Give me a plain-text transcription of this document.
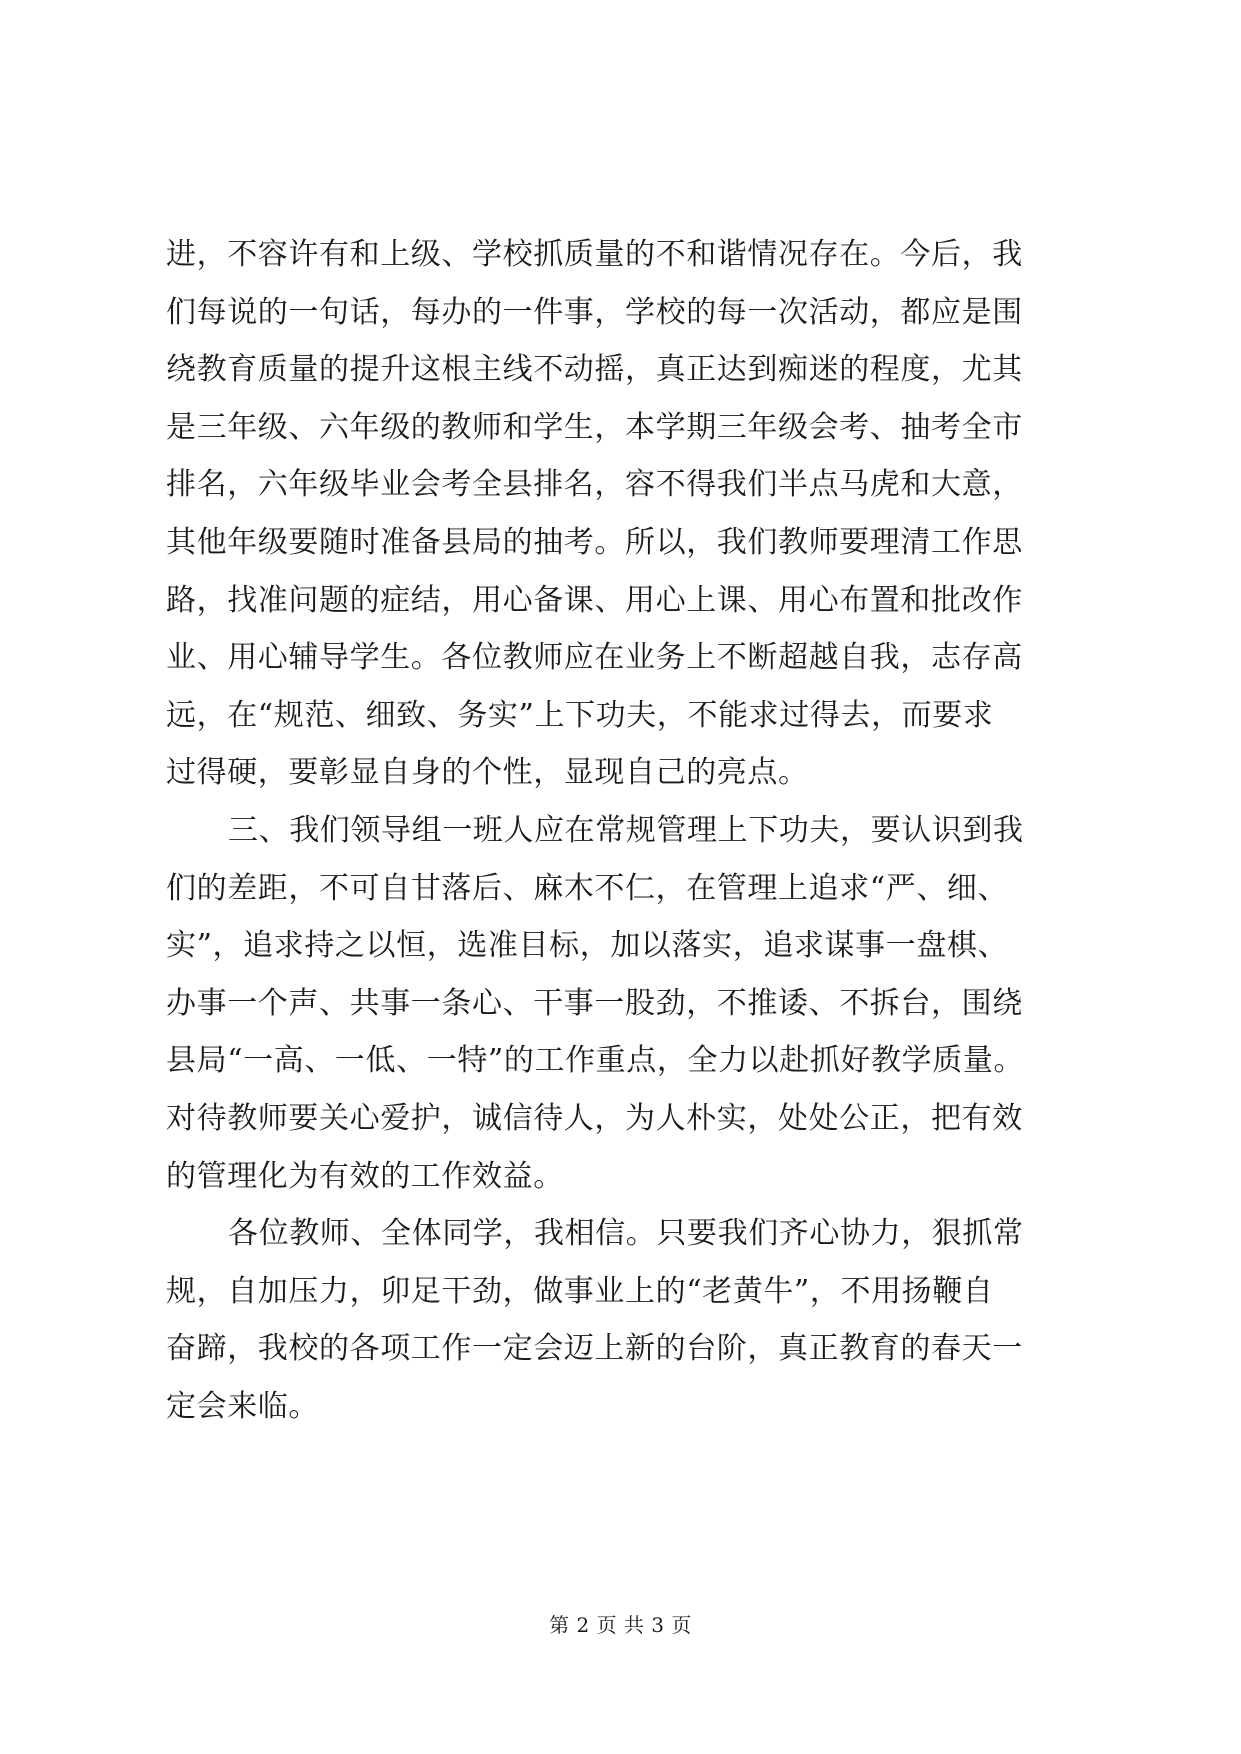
进，不容许有和上级、学校抓质量的不和谐情况存在。今后，我
们每说的一句话，每办的一件事，学校的每一次活动，都应是围
绕教育质量的提升这根主线不动摇，真正达到痴迷的程度，尤其
是三年级、六年级的教师和学生，本学期三年级会考、抽考全市
排名，六年级毕业会考全县排名，容不得我们半点马虎和大意，
其他年级要随时准备县局的抽考。所以，我们教师要理清工作思
路，找准问题的症结，用心备课、用心上课、用心布置和批改作
业、用心辅导学生。各位教师应在业务上不断超越自我，志存高
远，在“规范、细致、务实”上下功夫，不能求过得去，而要求
过得硬，要彰显自身的个性，显现自己的亮点。
三、我们领导组一班人应在常规管理上下功夫，要认识到我
们的差距，不可自甘落后、麻木不仁，在管理上追求“严、细、
实”，追求持之以恒，选准目标，加以落实，追求谋事一盘棋、
办事一个声、共事一条心、干事一股劲，不推诿、不拆台，围绕
县局“一高、一低、一特”的工作重点，全力以赴抓好教学质量。
对待教师要关心爱护，诚信待人，为人朴实，处处公正，把有效
的管理化为有效的工作效益。
各位教师、全体同学，我相信。只要我们齐心协力，狠抓常
规，自加压力，卯足干劲，做事业上的“老黄牛”，不用扬鞭自
奋蹄，我校的各项工作一定会迈上新的台阶，真正教育的春天一
定会来临。
第 2 页 共 3 页
